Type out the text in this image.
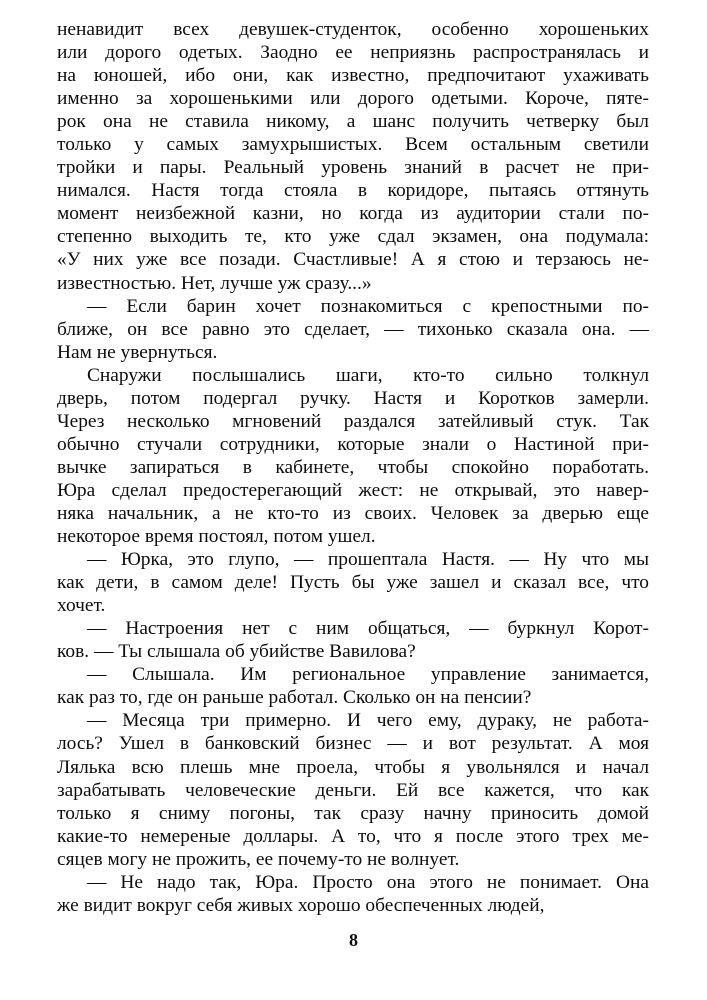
ненавидит всех девушек-студенток, особенно хорошеньких
или дорого одетых. Заодно ее неприязнь распространялась и
на юношей, ибо они, как известно, предпочитают ухаживать
именно за хорошенькими или дорого одетыми. Короче, пяте-
рок она не ставила никому, а шанс получить четверку был
только у самых замухрышистых. Всем остальным светили
тройки и пары. Реальный уровень знаний в расчет не при-
нимался. Настя тогда стояла в коридоре, пытаясь оттянуть
момент неизбежной казни, но когда из аудитории стали по-
степенно выходить те, кто уже сдал экзамен, она подумала:
«У них уже все позади. Счастливые! А я стою и терзаюсь не-
известностью. Нет, лучше уж сразу...»
— Если барин хочет познакомиться с крепостными по-
ближе, он все равно это сделает, — тихонько сказала она. —
Нам не увернуться.
Снаружи послышались шаги, кто-то сильно толкнул
дверь, потом подергал ручку. Настя и Коротков замерли.
Через несколько мгновений раздался затейливый стук. Так
обычно стучали сотрудники, которые знали о Настиной при-
вычке запираться в кабинете, чтобы спокойно поработать.
Юра сделал предостерегающий жест: не открывай, это навер-
няка начальник, а не кто-то из своих. Человек за дверью еще
некоторое время постоял, потом ушел.
— Юрка, это глупо, — прошептала Настя. — Ну что мы
как дети, в самом деле! Пусть бы уже зашел и сказал все, что
хочет.
— Настроения нет с ним общаться, — буркнул Корот-
ков. — Ты слышала об убийстве Вавилова?
— Слышала. Им региональное управление занимается,
как раз то, где он раньше работал. Сколько он на пенсии?
— Месяца три примерно. И чего ему, дураку, не работа-
лось? Ушел в банковский бизнес — и вот результат. А моя
Лялька всю плешь мне проела, чтобы я увольнялся и начал
зарабатывать человеческие деньги. Ей все кажется, что как
только я сниму погоны, так сразу начну приносить домой
какие-то немереные доллары. А то, что я после этого трех ме-
сяцев могу не прожить, ее почему-то не волнует.
— Не надо так, Юра. Просто она этого не понимает. Она
же видит вокруг себя живых хорошо обеспеченных людей,
8
